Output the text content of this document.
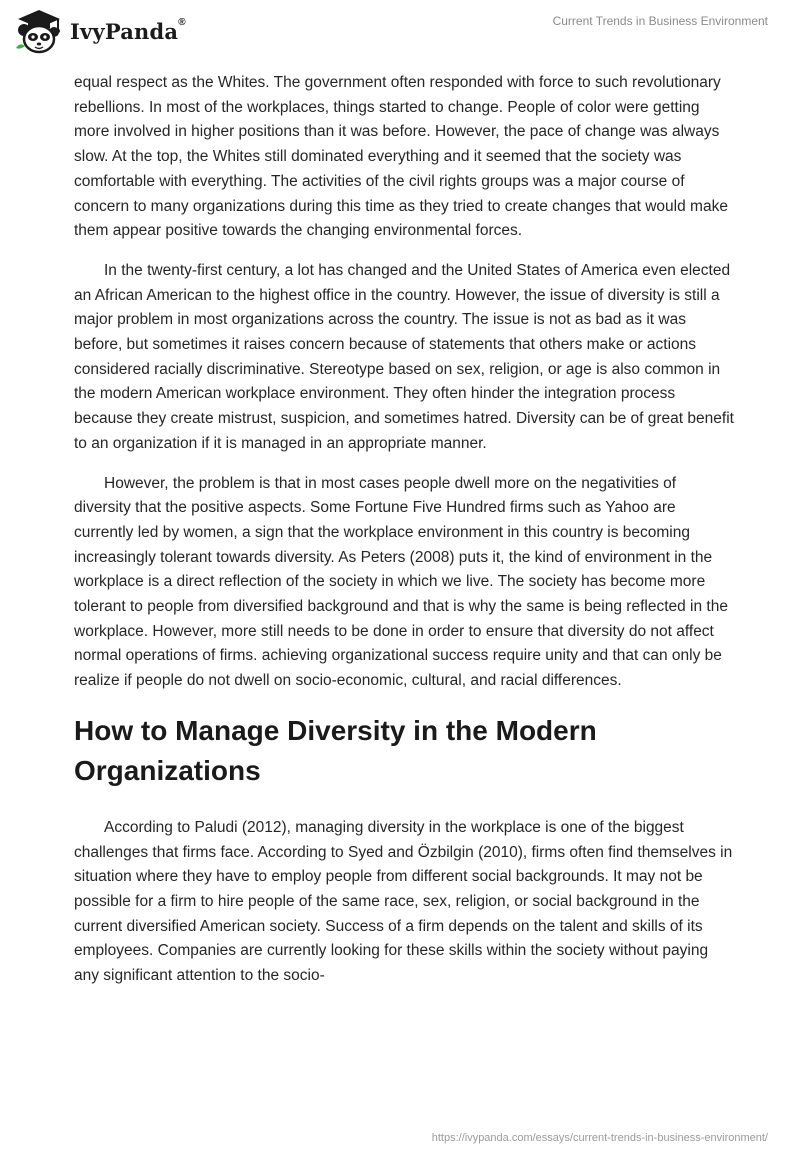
IvyPanda®	Current Trends in Business Environment

equal respect as the Whites. The government often responded with force to such revolutionary rebellions. In most of the workplaces, things started to change. People of color were getting more involved in higher positions than it was before. However, the pace of change was always slow. At the top, the Whites still dominated everything and it seemed that the society was comfortable with everything. The activities of the civil rights groups was a major course of concern to many organizations during this time as they tried to create changes that would make them appear positive towards the changing environmental forces.

In the twenty-first century, a lot has changed and the United States of America even elected an African American to the highest office in the country. However, the issue of diversity is still a major problem in most organizations across the country. The issue is not as bad as it was before, but sometimes it raises concern because of statements that others make or actions considered racially discriminative. Stereotype based on sex, religion, or age is also common in the modern American workplace environment. They often hinder the integration process because they create mistrust, suspicion, and sometimes hatred. Diversity can be of great benefit to an organization if it is managed in an appropriate manner.

However, the problem is that in most cases people dwell more on the negativities of diversity that the positive aspects. Some Fortune Five Hundred firms such as Yahoo are currently led by women, a sign that the workplace environment in this country is becoming increasingly tolerant towards diversity. As Peters (2008) puts it, the kind of environment in the workplace is a direct reflection of the society in which we live. The society has become more tolerant to people from diversified background and that is why the same is being reflected in the workplace. However, more still needs to be done in order to ensure that diversity do not affect normal operations of firms. achieving organizational success require unity and that can only be realize if people do not dwell on socio-economic, cultural, and racial differences.

How to Manage Diversity in the Modern Organizations

According to Paludi (2012), managing diversity in the workplace is one of the biggest challenges that firms face. According to Syed and Özbilgin (2010), firms often find themselves in situation where they have to employ people from different social backgrounds. It may not be possible for a firm to hire people of the same race, sex, religion, or social background in the current diversified American society. Success of a firm depends on the talent and skills of its employees. Companies are currently looking for these skills within the society without paying any significant attention to the socio-

https://ivypanda.com/essays/current-trends-in-business-environment/
